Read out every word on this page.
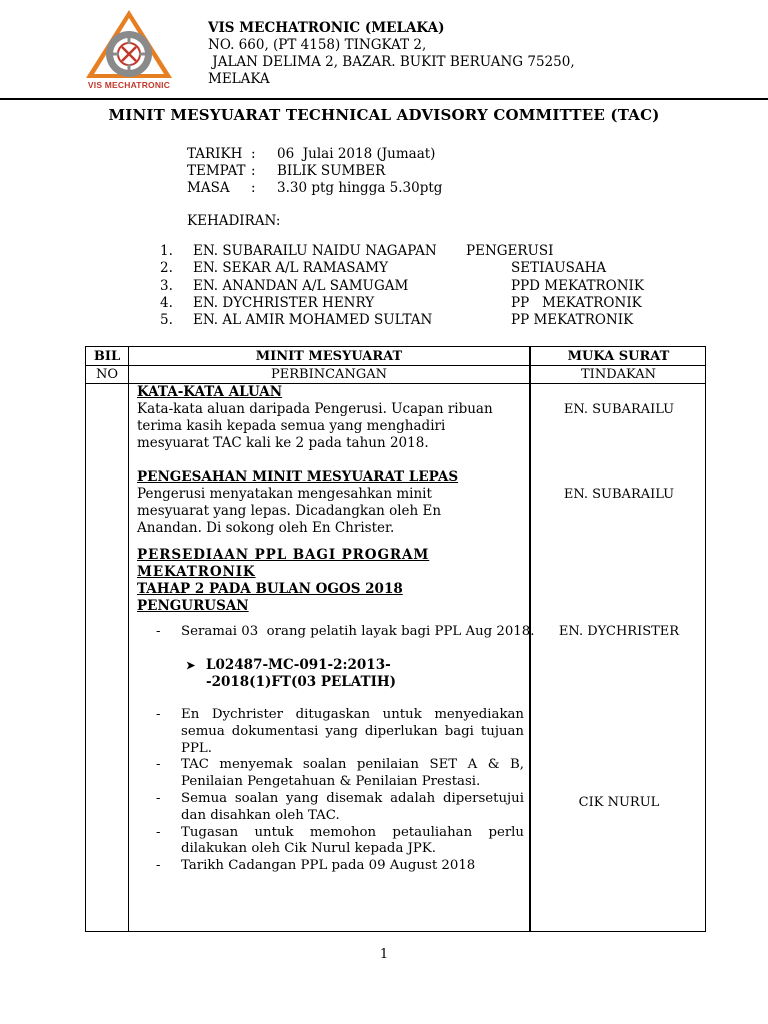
VIS MECHATRONIC
VIS MECHATRONIC (MELAKA)
NO. 660, (PT 4158) TINGKAT 2,
JALAN DELIMA 2, BAZAR. BUKIT BERUANG 75250,
MELAKA
MINIT MESYUARAT TECHNICAL ADVISORY COMMITTEE (TAC)
TARIKH :	06  Julai 2018 (Jumaat)
TEMPAT :	BILIK SUMBER
MASA	:	3.30 ptg hingga 5.30ptg
KEHADIRAN:
1. EN. SUBARAILU NAIDU NAGAPAN PENGERUSI
2. EN. SEKAR A/L RAMASAMY	SETIAUSAHA
3. EN. ANANDAN A/L SAMUGAM	PPD MEKATRONIK
4. EN. DYCHRISTER HENRY	PP   MEKATRONIK
5. EN. AL AMIR MOHAMED SULTAN	PP MEKATRONIK
BIL	MINIT MESYUARAT	MUKA SURAT
NO	PERBINCANGAN	TINDAKAN
KATA-KATA ALUAN
Kata-kata aluan daripada Pengerusi. Ucapan ribuan terima kasih kepada semua yang menghadiri mesyuarat TAC kali ke 2 pada tahun 2018.
EN. SUBARAILU
PENGESAHAN MINIT MESYUARAT LEPAS
Pengerusi menyatakan mengesahkan minit mesyuarat yang lepas. Dicadangkan oleh En Anandan. Di sokong oleh En Christer.
EN. SUBARAILU
PERSEDIAAN PPL BAGI PROGRAM MEKATRONIK
TAHAP 2 PADA BULAN OGOS 2018
PENGURUSAN
-	Seramai 03  orang pelatih layak bagi PPL Aug 2018.	EN. DYCHRISTER
➤ L02487-MC-091-2:2013--2018(1)FT(03 PELATIH)
-	En Dychrister ditugaskan untuk menyediakan semua dokumentasi yang diperlukan bagi tujuan PPL.
-	TAC menyemak soalan penilaian SET A & B, Penilaian Pengetahuan & Penilaian Prestasi.
-	Semua soalan yang disemak adalah dipersetujui dan disahkan oleh TAC.
-	Tugasan untuk memohon petauliahan perlu dilakukan oleh Cik Nurul kepada JPK.
-	Tarikh Cadangan PPL pada 09 August 2018
CIK NURUL
1
